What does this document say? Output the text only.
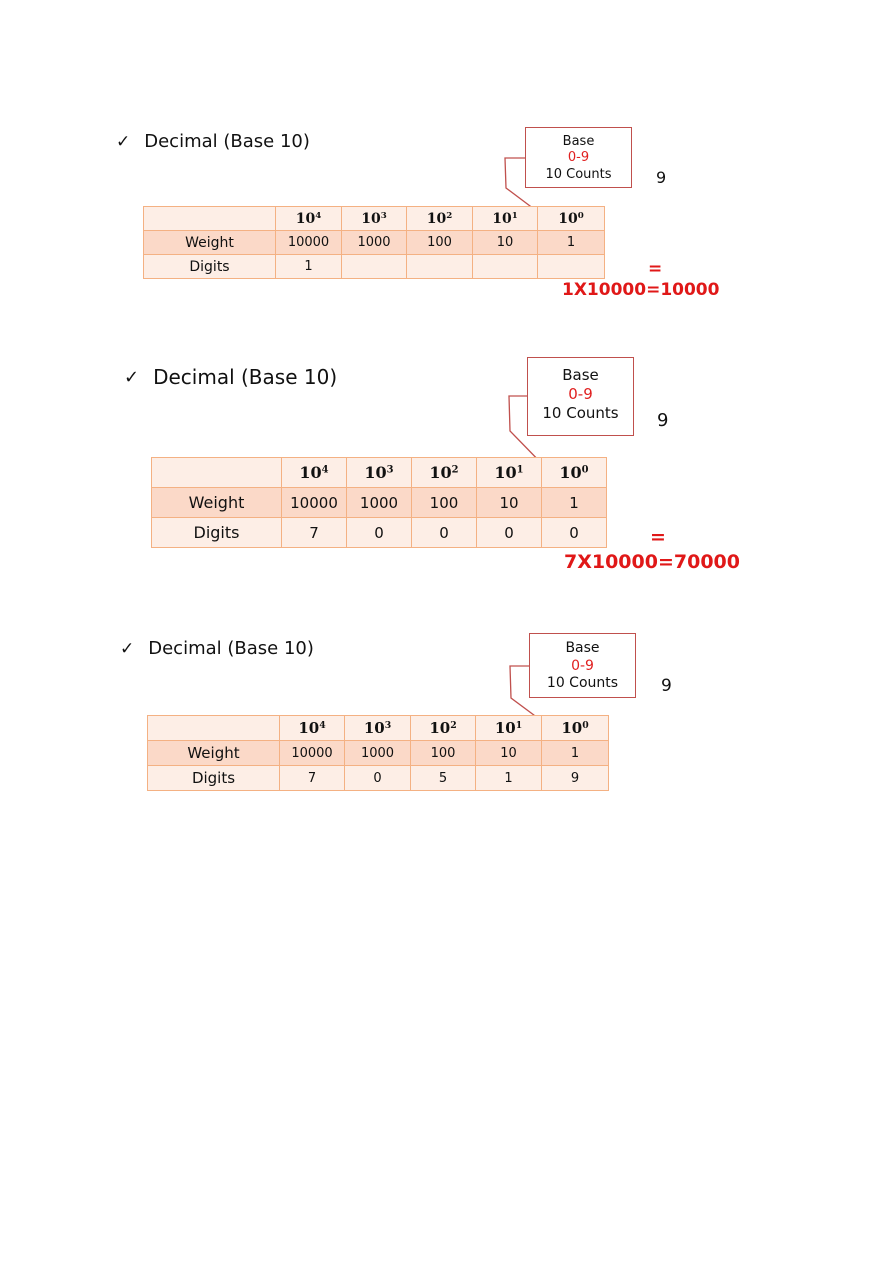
✓ Decimal (Base 10)	Base
0-9
10 Counts	9
	$10^4$	$10^3$	$10^2$	$10^1$	$10^0$
Weight	10000	1000	100	10	1
Digits	1					=
1X10000=10000
✓ Decimal (Base 10)	Base
0-9
10 Counts	9
	$10^4$	$10^3$	$10^2$	$10^1$	$10^0$
Weight	10000	1000	100	10	1
Digits	7	0	0	0	0	=
7X10000=70000
✓ Decimal (Base 10)	Base
0-9
10 Counts	9
	$10^4$	$10^3$	$10^2$	$10^1$	$10^0$
Weight	10000	1000	100	10	1
Digits	7	0	5	1	9
